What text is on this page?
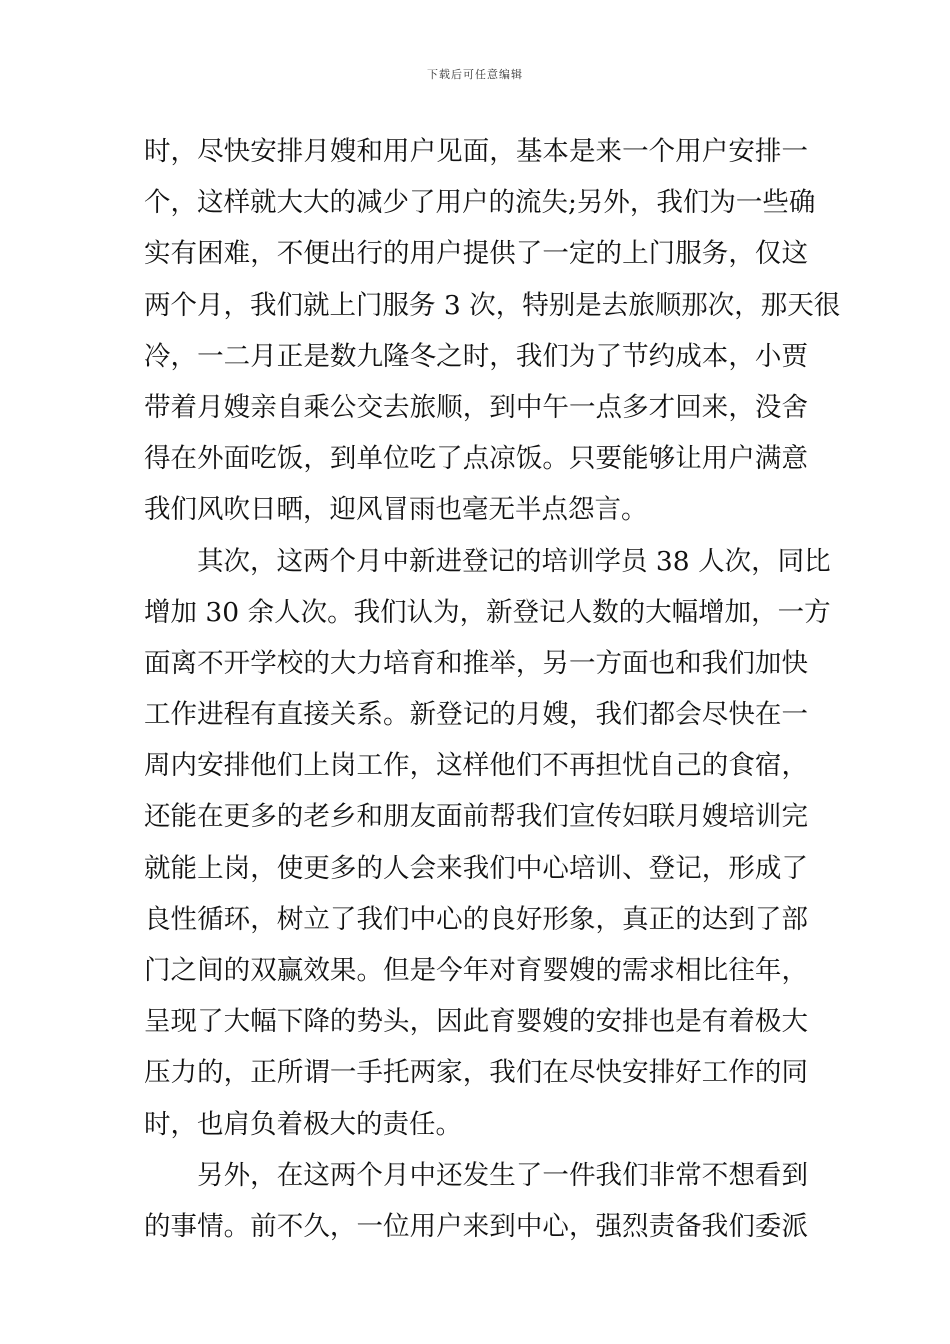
下载后可任意编辑
时，尽快安排月嫂和用户见面，基本是来一个用户安排一
个，这样就大大的减少了用户的流失;另外，我们为一些确
实有困难，不便出行的用户提供了一定的上门服务，仅这
两个月，我们就上门服务 3 次，特别是去旅顺那次，那天很
冷，一二月正是数九隆冬之时，我们为了节约成本，小贾
带着月嫂亲自乘公交去旅顺，到中午一点多才回来，没舍
得在外面吃饭，到单位吃了点凉饭。只要能够让用户满意
我们风吹日晒，迎风冒雨也毫无半点怨言。
其次，这两个月中新进登记的培训学员 38 人次，同比
增加 30 余人次。我们认为，新登记人数的大幅增加，一方
面离不开学校的大力培育和推举，另一方面也和我们加快
工作进程有直接关系。新登记的月嫂，我们都会尽快在一
周内安排他们上岗工作，这样他们不再担忧自己的食宿，
还能在更多的老乡和朋友面前帮我们宣传妇联月嫂培训完
就能上岗，使更多的人会来我们中心培训、登记，形成了
良性循环，树立了我们中心的良好形象，真正的达到了部
门之间的双赢效果。但是今年对育婴嫂的需求相比往年，
呈现了大幅下降的势头，因此育婴嫂的安排也是有着极大
压力的，正所谓一手托两家，我们在尽快安排好工作的同
时，也肩负着极大的责任。
另外，在这两个月中还发生了一件我们非常不想看到
的事情。前不久，一位用户来到中心，强烈责备我们委派
